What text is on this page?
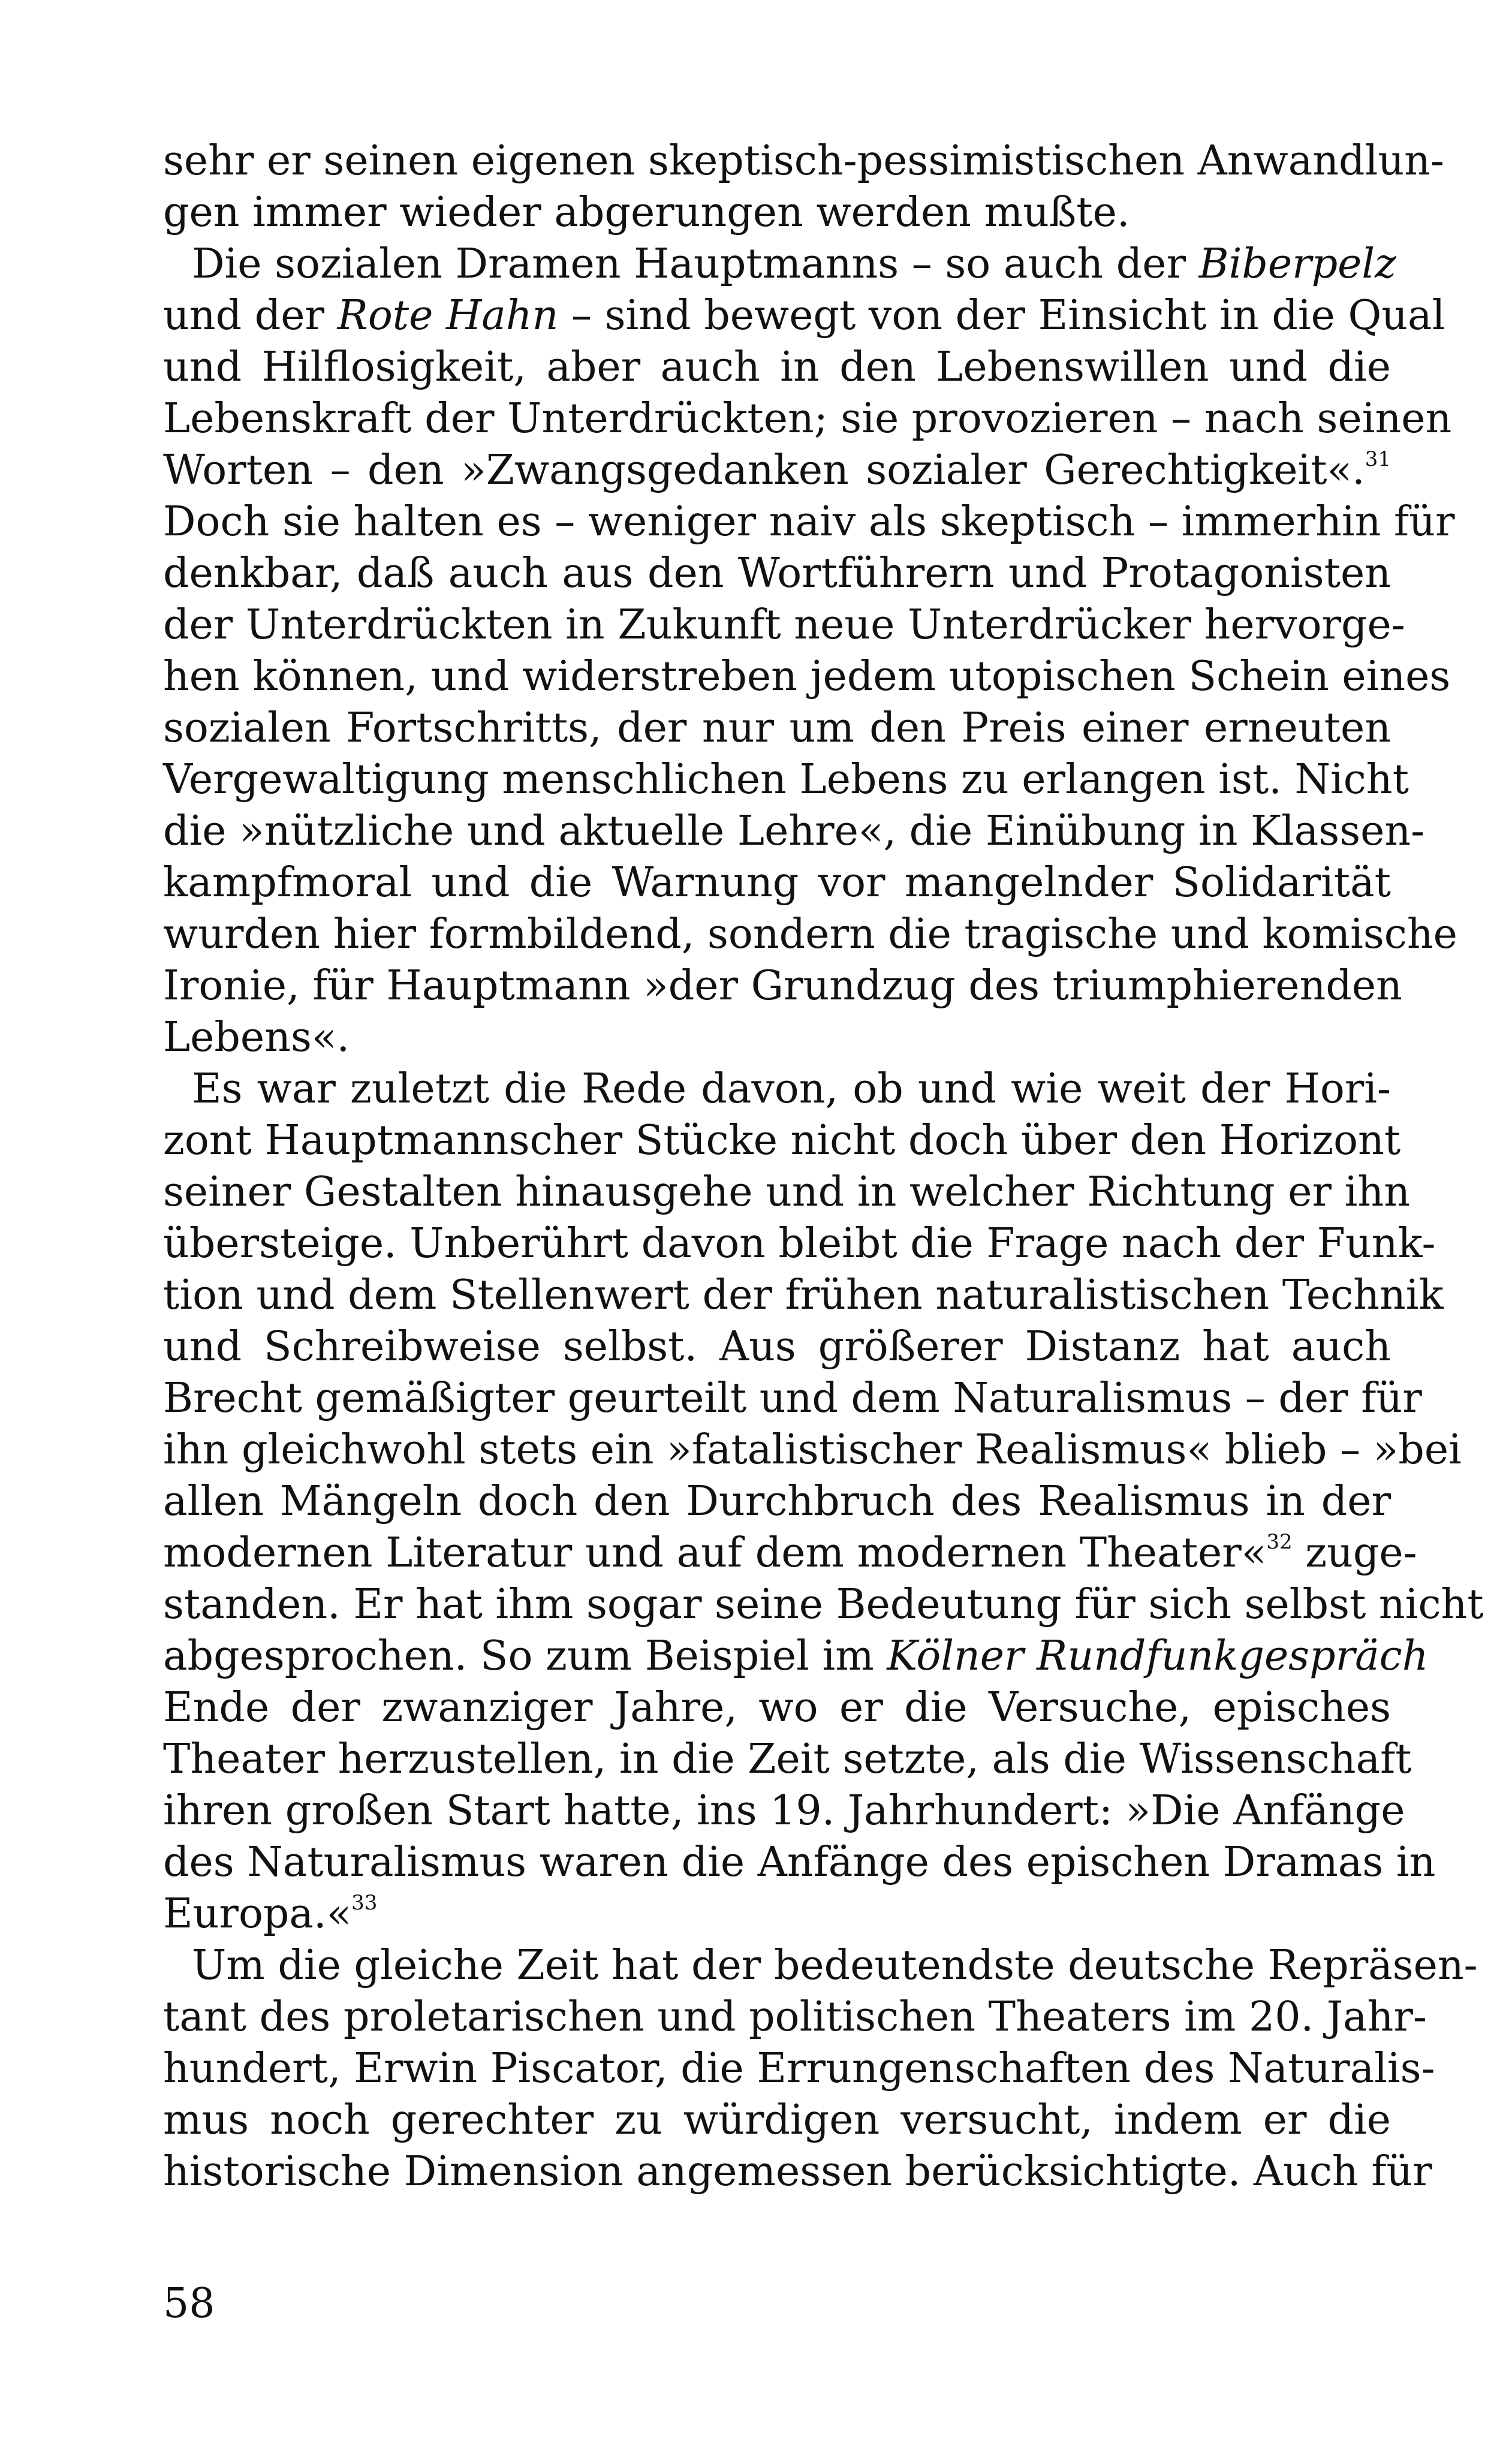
sehr er seinen eigenen skeptisch-pessimistischen Anwandlun-
gen immer wieder abgerungen werden mußte.
Die sozialen Dramen Hauptmanns – so auch der Biberpelz
und der Rote Hahn – sind bewegt von der Einsicht in die Qual
und Hilflosigkeit, aber auch in den Lebenswillen und die
Lebenskraft der Unterdrückten; sie provozieren – nach seinen
Worten – den »Zwangsgedanken sozialer Gerechtigkeit«.$^{31}$
Doch sie halten es – weniger naiv als skeptisch – immerhin für
denkbar, daß auch aus den Wortführern und Protagonisten
der Unterdrückten in Zukunft neue Unterdrücker hervorge-
hen können, und widerstreben jedem utopischen Schein eines
sozialen Fortschritts, der nur um den Preis einer erneuten
Vergewaltigung menschlichen Lebens zu erlangen ist. Nicht
die »nützliche und aktuelle Lehre«, die Einübung in Klassen-
kampfmoral und die Warnung vor mangelnder Solidarität
wurden hier formbildend, sondern die tragische und komische
Ironie, für Hauptmann »der Grundzug des triumphierenden
Lebens«.
Es war zuletzt die Rede davon, ob und wie weit der Hori-
zont Hauptmannscher Stücke nicht doch über den Horizont
seiner Gestalten hinausgehe und in welcher Richtung er ihn
übersteige. Unberührt davon bleibt die Frage nach der Funk-
tion und dem Stellenwert der frühen naturalistischen Technik
und Schreibweise selbst. Aus größerer Distanz hat auch
Brecht gemäßigter geurteilt und dem Naturalismus – der für
ihn gleichwohl stets ein »fatalistischer Realismus« blieb – »bei
allen Mängeln doch den Durchbruch des Realismus in der
modernen Literatur und auf dem modernen Theater«$^{32}$ zuge-
standen. Er hat ihm sogar seine Bedeutung für sich selbst nicht
abgesprochen. So zum Beispiel im Kölner Rundfunkgespräch
Ende der zwanziger Jahre, wo er die Versuche, episches
Theater herzustellen, in die Zeit setzte, als die Wissenschaft
ihren großen Start hatte, ins 19. Jahrhundert: »Die Anfänge
des Naturalismus waren die Anfänge des epischen Dramas in
Europa.«$^{33}$
Um die gleiche Zeit hat der bedeutendste deutsche Repräsen-
tant des proletarischen und politischen Theaters im 20. Jahr-
hundert, Erwin Piscator, die Errungenschaften des Naturalis-
mus noch gerechter zu würdigen versucht, indem er die
historische Dimension angemessen berücksichtigte. Auch für
58
